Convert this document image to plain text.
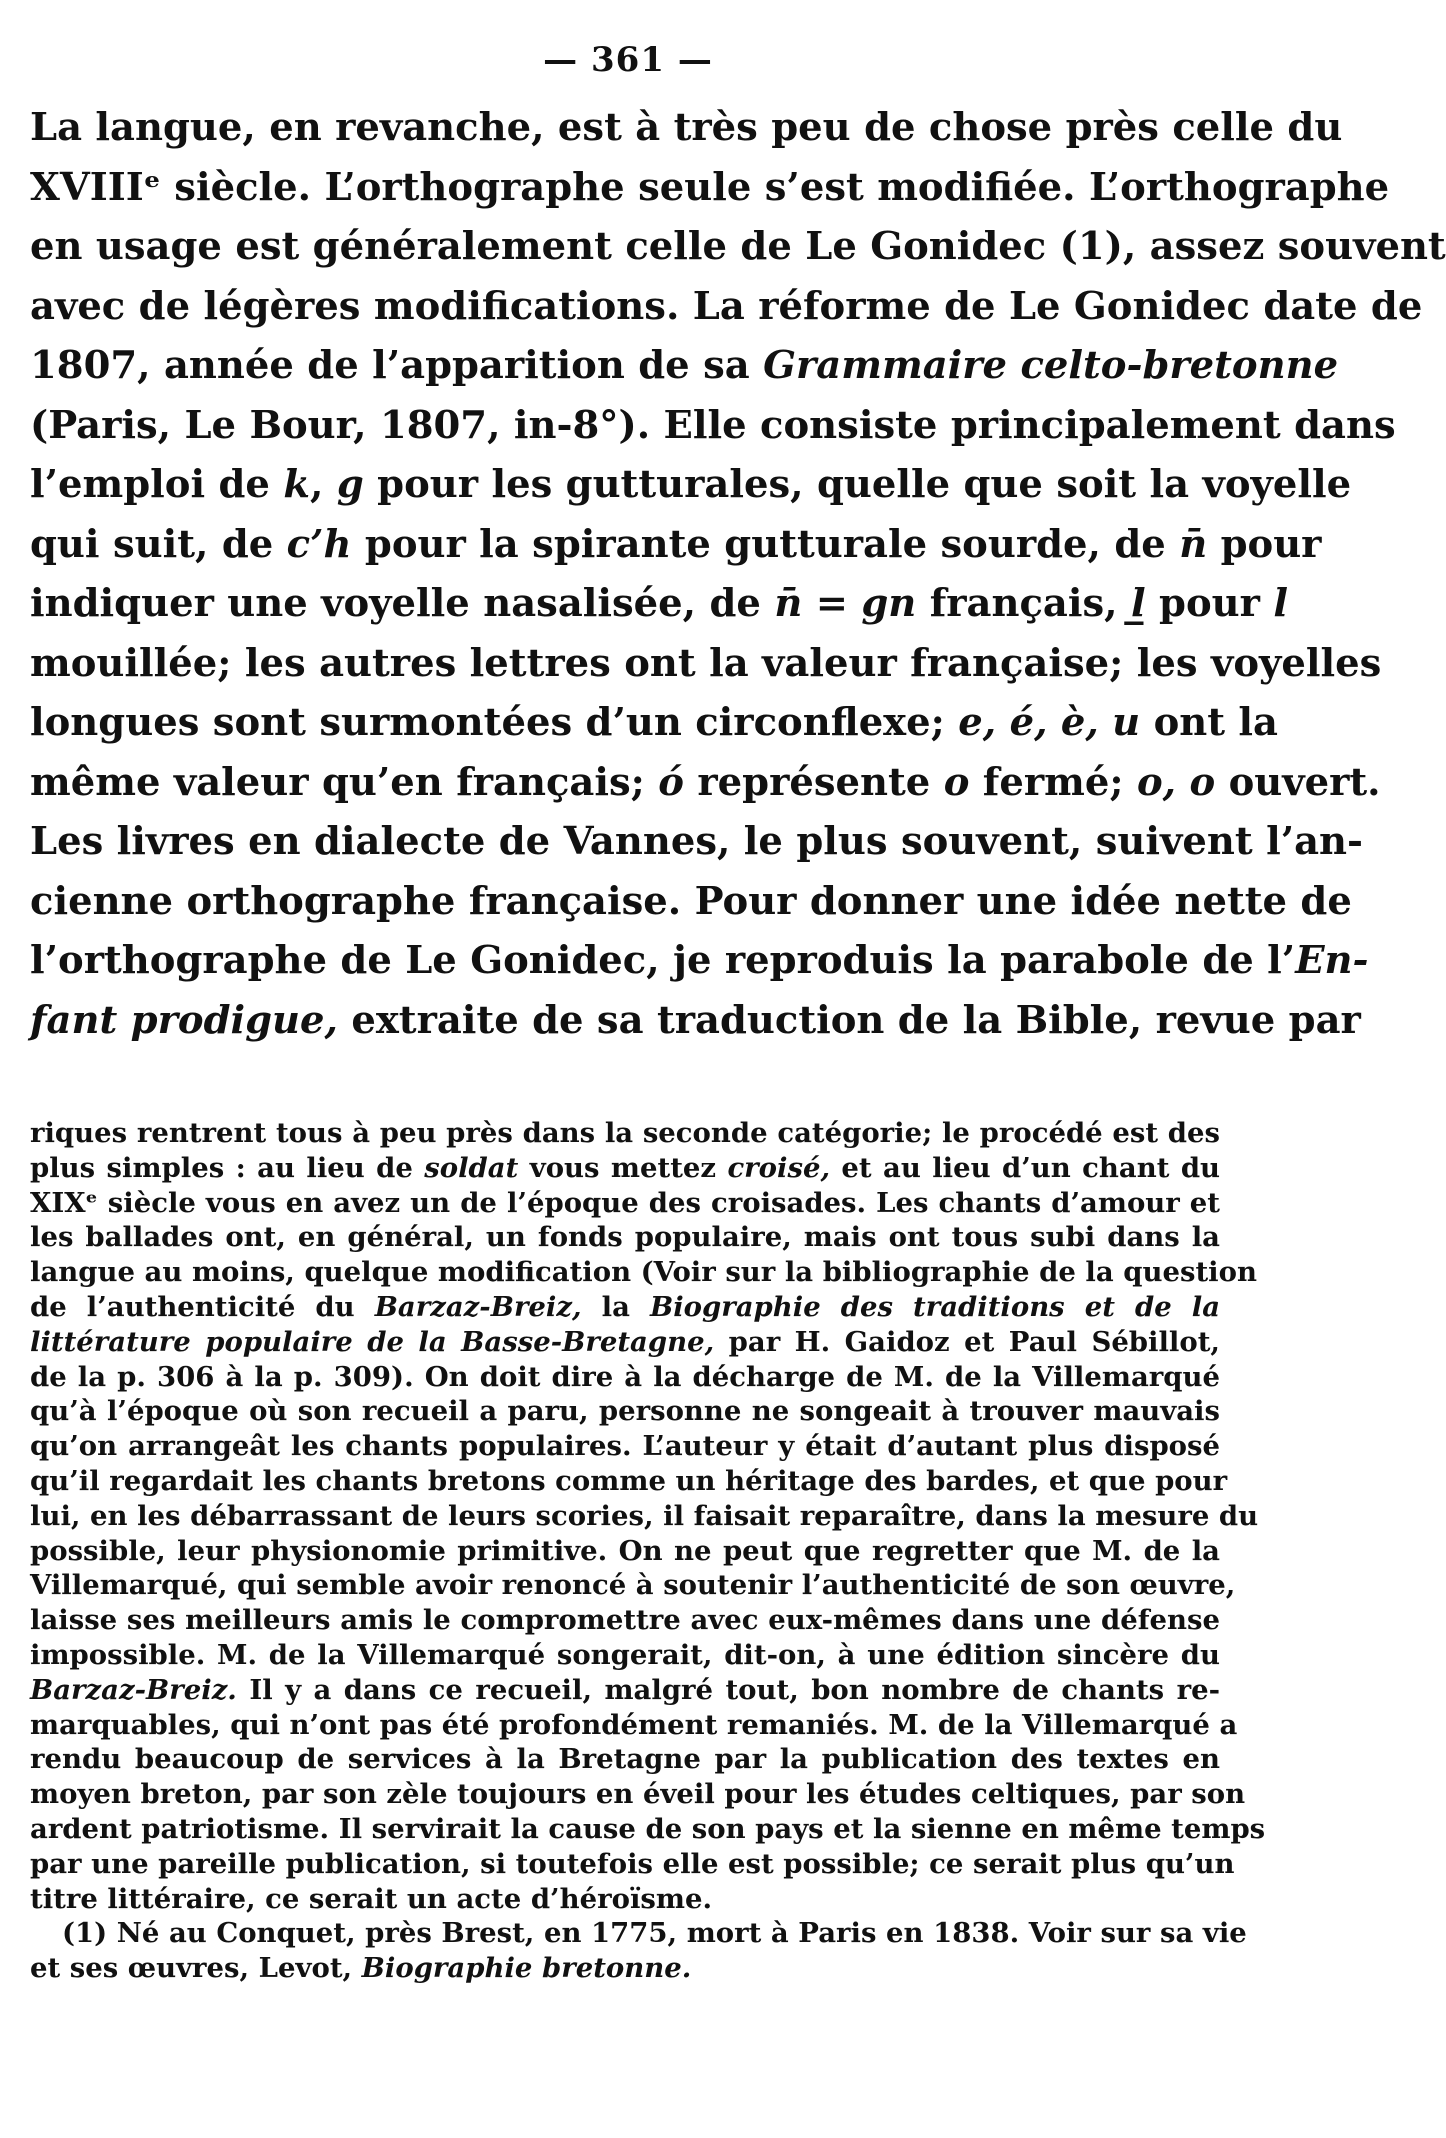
— 361 —
La langue, en revanche, est à très peu de chose près celle du
XVIIIᵉ siècle. L’orthographe seule s’est modifiée. L’orthographe
en usage est généralement celle de Le Gonidec (1), assez souvent
avec de légères modifications. La réforme de Le Gonidec date de
1807, année de l’apparition de sa Grammaire celto-bretonne
(Paris, Le Bour, 1807, in-8°). Elle consiste principalement dans
l’emploi de k, g pour les gutturales, quelle que soit la voyelle
qui suit, de c’h pour la spirante gutturale sourde, de n̄ pour
indiquer une voyelle nasalisée, de n̄ = gn français, l̲ pour l
mouillée; les autres lettres ont la valeur française; les voyelles
longues sont surmontées d’un circonflexe; e, é, è, u ont la
même valeur qu’en français; ó représente o fermé; o, o ouvert.
Les livres en dialecte de Vannes, le plus souvent, suivent l’an-
cienne orthographe française. Pour donner une idée nette de
l’orthographe de Le Gonidec, je reproduis la parabole de l’En-
fant prodigue, extraite de sa traduction de la Bible, revue par
riques rentrent tous à peu près dans la seconde catégorie; le procédé est des
plus simples : au lieu de soldat vous mettez croisé, et au lieu d’un chant du
XIXᵉ siècle vous en avez un de l’époque des croisades. Les chants d’amour et
les ballades ont, en général, un fonds populaire, mais ont tous subi dans la
langue au moins, quelque modification (Voir sur la bibliographie de la question
de l’authenticité du Barzaz-Breiz, la Biographie des traditions et de la
littérature populaire de la Basse-Bretagne, par H. Gaidoz et Paul Sébillot,
de la p. 306 à la p. 309). On doit dire à la décharge de M. de la Villemarqué
qu’à l’époque où son recueil a paru, personne ne songeait à trouver mauvais
qu’on arrangeât les chants populaires. L’auteur y était d’autant plus disposé
qu’il regardait les chants bretons comme un héritage des bardes, et que pour
lui, en les débarrassant de leurs scories, il faisait reparaître, dans la mesure du
possible, leur physionomie primitive. On ne peut que regretter que M. de la
Villemarqué, qui semble avoir renoncé à soutenir l’authenticité de son œuvre,
laisse ses meilleurs amis le compromettre avec eux-mêmes dans une défense
impossible. M. de la Villemarqué songerait, dit-on, à une édition sincère du
Barzaz-Breiz. Il y a dans ce recueil, malgré tout, bon nombre de chants re-
marquables, qui n’ont pas été profondément remaniés. M. de la Villemarqué a
rendu beaucoup de services à la Bretagne par la publication des textes en
moyen breton, par son zèle toujours en éveil pour les études celtiques, par son
ardent patriotisme. Il servirait la cause de son pays et la sienne en même temps
par une pareille publication, si toutefois elle est possible; ce serait plus qu’un
titre littéraire, ce serait un acte d’héroïsme.
(1) Né au Conquet, près Brest, en 1775, mort à Paris en 1838. Voir sur sa vie
et ses œuvres, Levot, Biographie bretonne.
